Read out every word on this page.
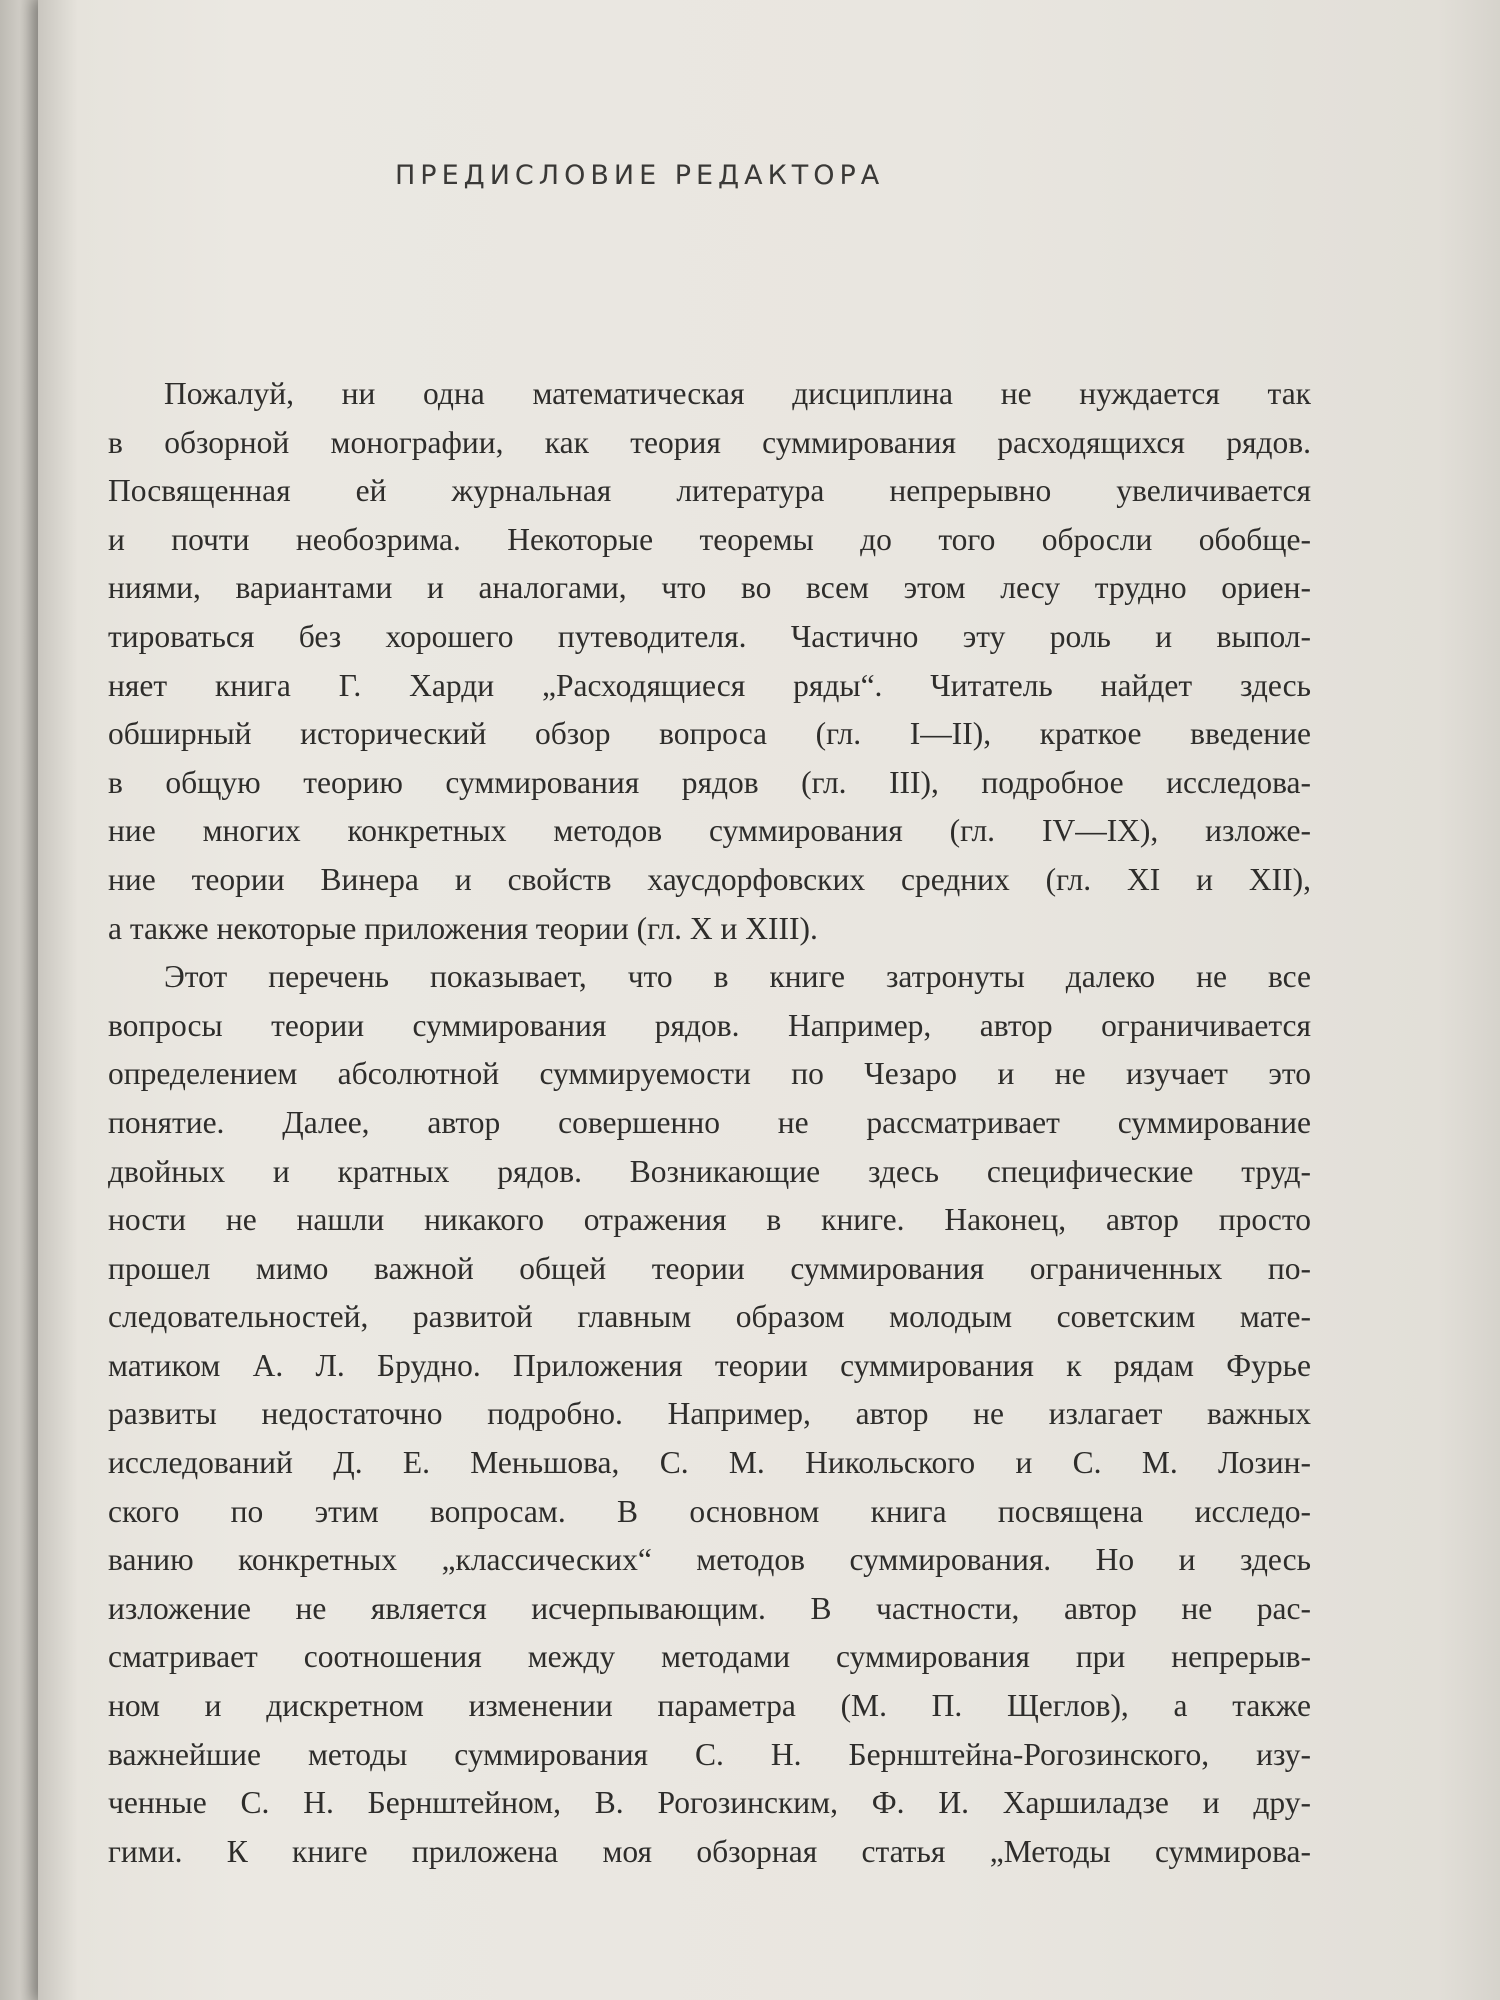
ПРЕДИСЛОВИЕ РЕДАКТОРА
Пожалуй, ни одна математическая дисциплина не нуждается так
в обзорной монографии, как теория суммирования расходящихся рядов.
Посвященная ей журнальная литература непрерывно увеличивается
и почти необозрима. Некоторые теоремы до того обросли обобще-
ниями, вариантами и аналогами, что во всем этом лесу трудно ориен-
тироваться без хорошего путеводителя. Частично эту роль и выпол-
няет книга Г. Харди „Расходящиеся ряды“. Читатель найдет здесь
обширный исторический обзор вопроса (гл. I—II), краткое введение
в общую теорию суммирования рядов (гл. III), подробное исследова-
ние многих конкретных методов суммирования (гл. IV—IX), изложе-
ние теории Винера и свойств хаусдорфовских средних (гл. XI и XII),
а также некоторые приложения теории (гл. X и XIII).
Этот перечень показывает, что в книге затронуты далеко не все
вопросы теории суммирования рядов. Например, автор ограничивается
определением абсолютной суммируемости по Чезаро и не изучает это
понятие. Далее, автор совершенно не рассматривает суммирование
двойных и кратных рядов. Возникающие здесь специфические труд-
ности не нашли никакого отражения в книге. Наконец, автор просто
прошел мимо важной общей теории суммирования ограниченных по-
следовательностей, развитой главным образом молодым советским мате-
матиком А. Л. Брудно. Приложения теории суммирования к рядам Фурье
развиты недостаточно подробно. Например, автор не излагает важных
исследований Д. Е. Меньшова, С. М. Никольского и С. М. Лозин-
ского по этим вопросам. В основном книга посвящена исследо-
ванию конкретных „классических“ методов суммирования. Но и здесь
изложение не является исчерпывающим. В частности, автор не рас-
сматривает соотношения между методами суммирования при непрерыв-
ном и дискретном изменении параметра (М. П. Щеглов), а также
важнейшие методы суммирования С. Н. Бернштейна-Рогозинского, изу-
ченные С. Н. Бернштейном, В. Рогозинским, Ф. И. Харшиладзе и дру-
гими. К книге приложена моя обзорная статья „Методы суммирова-
